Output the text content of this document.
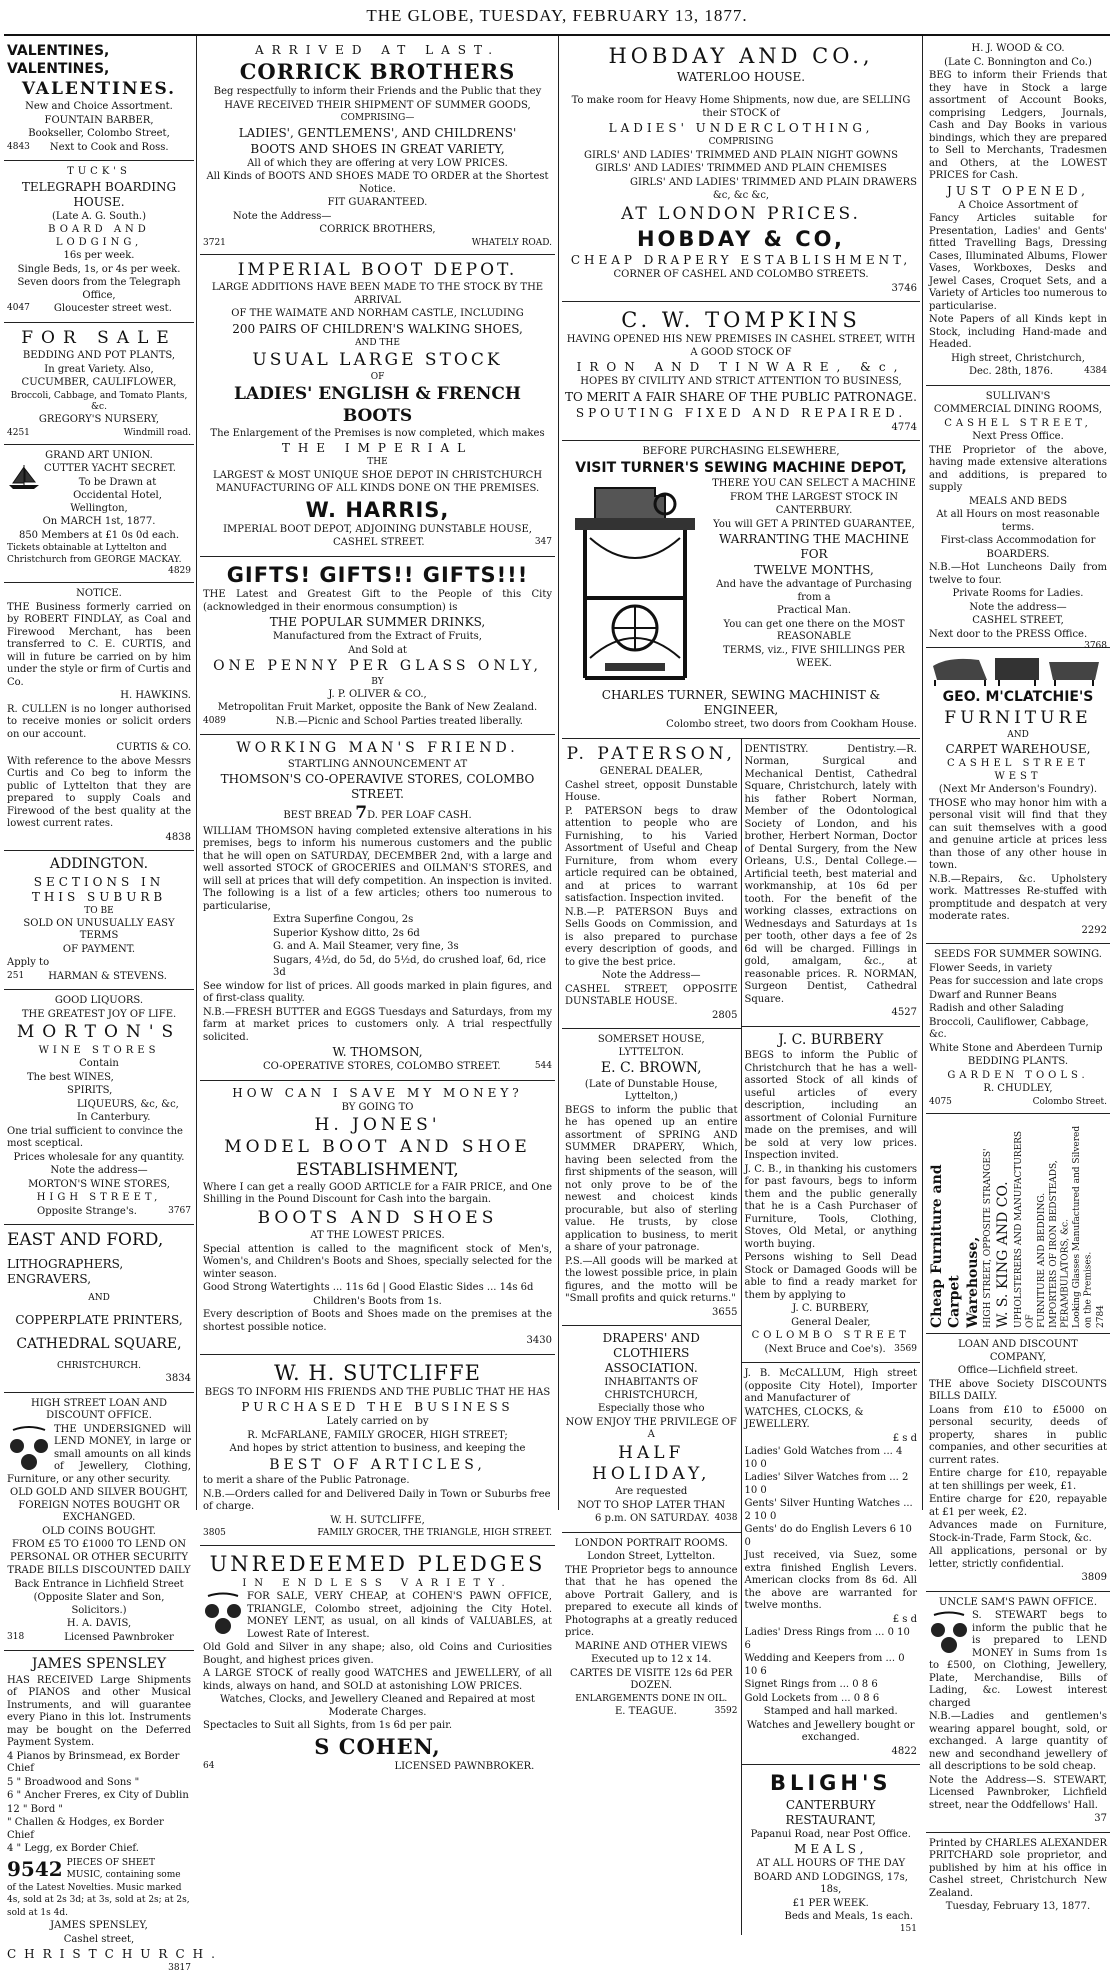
THE GLOBE, TUESDAY, FEBRUARY 13, 1877.

VALENTINES, VALENTINES,

VALENTINES.

New and Choice Assortment.

FOUNTAIN BARBER,

Bookseller, Colombo Street,

4843 Next to Cook and Ross.

TUCK'S

TELEGRAPH BOARDING HOUSE.

(Late A. G. South.)

BOARD AND LODGING,

16s per week.

Single Beds, 1s, or 4s per week.

Seven doors from the Telegraph Office,

4047 Gloucester street west.

FOR SALE

BEDDING AND POT PLANTS,

In great Variety. Also,

CUCUMBER, CAULIFLOWER,

Broccoli, Cabbage, and Tomato Plants, &c.

GREGORY'S NURSERY,

4251	Windmill road.

GRAND ART UNION.

CUTTER YACHT SECRET.

To be Drawn at

Occidental Hotel, Wellington,

On MARCH 1st, 1877.

850 Members at £1 0s 0d each.

Tickets obtainable at Lyttelton and Christchurch from GEORGE MACKAY.
4829

NOTICE.

THE Business formerly carried on by ROBERT FINDLAY, as Coal and Firewood Merchant, has been transferred to C. E. CURTIS, and will in future be carried on by him under the style or firm of Curtis and Co.

H. HAWKINS.

R. CULLEN is no longer authorised to receive monies or solicit orders on our account.

CURTIS & CO.

With reference to the above Messrs Curtis and Co beg to inform the public of Lyttelton that they are prepared to supply Coals and Firewood of the best quality at the lowest current rates.

4838

ADDINGTON.

SECTIONS IN THIS SUBURB

TO BE

SOLD ON UNUSUALLY EASY TERMS

OF PAYMENT.

Apply to

251 HARMAN & STEVENS.

GOOD LIQUORS.

THE GREATEST JOY OF LIFE.

MORTON'S

WINE STORES

Contain

The best WINES,

SPIRITS,

LIQUEURS, &c, &c,

In Canterbury.

One trial sufficient to convince the most sceptical.

Prices wholesale for any quantity.

Note the address—

MORTON'S WINE STORES,

HIGH STREET,

Opposite Strange's.	3767

EAST AND FORD,

LITHOGRAPHERS, ENGRAVERS,

AND

COPPERPLATE PRINTERS,

CATHEDRAL SQUARE,

CHRISTCHURCH.

3834

HIGH STREET LOAN AND DISCOUNT OFFICE.

THE UNDERSIGNED will LEND MONEY, in large or small amounts on all kinds of Jewellery, Clothing, Furniture, or any other security.

OLD GOLD AND SILVER BOUGHT, FOREIGN NOTES BOUGHT OR EXCHANGED.

OLD COINS BOUGHT.

FROM £5 TO £1000 TO LEND ON PERSONAL OR OTHER SECURITY

TRADE BILLS DISCOUNTED DAILY

Back Entrance in Lichfield Street

(Opposite Slater and Son, Solicitors.)

H. A. DAVIS,

318	Licensed Pawnbroker

JAMES SPENSLEY

HAS RECEIVED Large Shipments of PIANOS and other Musical Instruments, and will guarantee every Piano in this lot. Instruments may be bought on the Deferred Payment System.

4 Pianos by Brinsmead, ex Border Chief

5 " Broadwood and Sons "

6 " Ancher Freres, ex City of Dublin

12 " Bord "

" Challen & Hodges, ex Border Chief

4 " Legg, ex Border Chief.

9542 PIECES OF SHEET MUSIC, containing some of the Latest Novelties. Music marked 4s, sold at 2s 3d; at 3s, sold at 2s; at 2s, sold at 1s 4d.

JAMES SPENSLEY,

Cashel street,

CHRISTCHURCH.
3817

ARRIVED AT LAST.

CORRICK BROTHERS

Beg respectfully to inform their Friends and the Public that they

HAVE RECEIVED THEIR SHIPMENT OF SUMMER GOODS,

COMPRISING—

LADIES', GENTLEMENS', AND CHILDRENS'

BOOTS AND SHOES IN GREAT VARIETY,

All of which they are offering at very LOW PRICES.

All Kinds of BOOTS AND SHOES MADE TO ORDER at the Shortest Notice.

FIT GUARANTEED.

Note the Address—

CORRICK BROTHERS,

3721	WHATELY ROAD.

IMPERIAL BOOT DEPOT.

LARGE ADDITIONS HAVE BEEN MADE TO THE STOCK BY THE ARRIVAL

OF THE WAIMATE AND NORHAM CASTLE, INCLUDING

200 PAIRS OF CHILDREN'S WALKING SHOES,

AND THE

USUAL LARGE STOCK

OF

LADIES' ENGLISH & FRENCH BOOTS

The Enlargement of the Premises is now completed, which makes

THE IMPERIAL

THE

LARGEST & MOST UNIQUE SHOE DEPOT IN CHRISTCHURCH

MANUFACTURING OF ALL KINDS DONE ON THE PREMISES.

W. HARRIS,

IMPERIAL BOOT DEPOT, ADJOINING DUNSTABLE HOUSE,

CASHEL STREET.	347

GIFTS! GIFTS!! GIFTS!!!

THE Latest and Greatest Gift to the People of this City (acknowledged in their enormous consumption) is

THE POPULAR SUMMER DRINKS,

Manufactured from the Extract of Fruits,

And Sold at

ONE PENNY PER GLASS ONLY,

BY

J. P. OLIVER & CO.,

Metropolitan Fruit Market, opposite the Bank of New Zealand.

4089	N.B.—Picnic and School Parties treated liberally.

WORKING MAN'S FRIEND.

STARTLING ANNOUNCEMENT AT

THOMSON'S CO-OPERAVIVE STORES, COLOMBO STREET.

BEST BREAD 7D. PER LOAF CASH.

WILLIAM THOMSON having completed extensive alterations in his premises, begs to inform his numerous customers and the public that he will open on SATURDAY, DECEMBER 2nd, with a large and well assorted STOCK of GROCERIES and OILMAN'S STORES, and will sell at prices that will defy competition. An inspection is invited. The following is a list of a few articles; others too numerous to particularise,

Extra Superfine Congou, 2s

Superior Kyshow ditto, 2s 6d

G. and A. Mail Steamer, very fine, 3s

Sugars, 4½d, do 5d, do 5½d, do crushed loaf, 6d, rice 3d

See window for list of prices. All goods marked in plain figures, and of first-class quality.

N.B.—FRESH BUTTER and EGGS Tuesdays and Saturdays, from my farm at market prices to customers only. A trial respectfully solicited.

W. THOMSON,

CO-OPERATIVE STORES, COLOMBO STREET.	544

HOW CAN I SAVE MY MONEY?

BY GOING TO

H. JONES'

MODEL BOOT AND SHOE

ESTABLISHMENT,

Where I can get a really GOOD ARTICLE for a FAIR PRICE, and One Shilling in the Pound Discount for Cash into the bargain.

BOOTS AND SHOES

AT THE LOWEST PRICES.

Special attention is called to the magnificent stock of Men's, Women's, and Children's Boots and Shoes, specially selected for the winter season.

Good Strong Watertights ... 11s 6d | Good Elastic Sides ... 14s 6d

Children's Boots from 1s.

Every description of Boots and Shoes made on the premises at the shortest possible notice.

3430

W. H. SUTCLIFFE

BEGS TO INFORM HIS FRIENDS AND THE PUBLIC THAT HE HAS

PURCHASED THE BUSINESS

Lately carried on by

R. McFARLANE, FAMILY GROCER, HIGH STREET;

And hopes by strict attention to business, and keeping the

BEST OF ARTICLES,

to merit a share of the Public Patronage.

N.B.—Orders called for and Delivered Daily in Town or Suburbs free of charge.

W. H. SUTCLIFFE,

3805	FAMILY GROCER, THE TRIANGLE, HIGH STREET.

UNREDEEMED PLEDGES

IN ENDLESS VARIETY.

FOR SALE, VERY CHEAP, at COHEN'S PAWN OFFICE, TRIANGLE, Colombo street, adjoining the City Hotel. MONEY LENT, as usual, on all kinds of VALUABLES, at Lowest Rate of Interest.

Old Gold and Silver in any shape; also, old Coins and Curiosities Bought, and highest prices given.

A LARGE STOCK of really good WATCHES and JEWELLERY, of all kinds, always on hand, and SOLD at astonishing LOW PRICES.

Watches, Clocks, and Jewellery Cleaned and Repaired at most Moderate Charges.

Spectacles to Suit all Sights, from 1s 6d per pair.

S COHEN,

64	LICENSED PAWNBROKER.

HOBDAY AND CO.,

WATERLOO HOUSE.

To make room for Heavy Home Shipments, now due, are SELLING their STOCK of

LADIES' UNDERCLOTHING,

COMPRISING

GIRLS' AND LADIES' TRIMMED AND PLAIN NIGHT GOWNS

GIRLS' AND LADIES' TRIMMED AND PLAIN CHEMISES

GIRLS' AND LADIES' TRIMMED AND PLAIN DRAWERS

&c, &c &c,

AT LONDON PRICES.

HOBDAY & CO,

CHEAP DRAPERY ESTABLISHMENT,

CORNER OF CASHEL AND COLOMBO STREETS.

3746

C. W. TOMPKINS

HAVING OPENED HIS NEW PREMISES IN CASHEL STREET, WITH A GOOD STOCK OF

IRON AND TINWARE, &c,

HOPES BY CIVILITY AND STRICT ATTENTION TO BUSINESS,

TO MERIT A FAIR SHARE OF THE PUBLIC PATRONAGE.

SPOUTING FIXED AND REPAIRED.

4774

BEFORE PURCHASING ELSEWHERE,

VISIT TURNER'S SEWING MACHINE DEPOT,

THERE YOU CAN SELECT A MACHINE

FROM THE LARGEST STOCK IN

CANTERBURY.

You will GET A PRINTED GUARANTEE,

WARRANTING THE MACHINE FOR

TWELVE MONTHS,

And have the advantage of Purchasing from a

Practical Man.

You can get one there on the MOST REASONABLE

TERMS, viz., FIVE SHILLINGS PER

WEEK.

CHARLES TURNER, SEWING MACHINIST & ENGINEER,

Colombo street, two doors from Cookham House.

P. PATERSON,

GENERAL DEALER,

Cashel street, opposit Dunstable House.

P. PATERSON begs to draw attention to people who are Furnishing, to his Varied Assortment of Useful and Cheap Furniture, from whom every article required can be obtained, and at prices to warrant satisfaction. Inspection invited.

N.B.—P. PATERSON Buys and Sells Goods on Commission, and is also prepared to purchase every description of goods, and to give the best price.

Note the Address—

CASHEL STREET, OPPOSITE DUNSTABLE HOUSE.

2805

SOMERSET HOUSE, LYTTELTON.

E. C. BROWN,

(Late of Dunstable House, Lyttelton,)

BEGS to inform the public that he has opened up an entire assortment of SPRING AND SUMMER DRAPERY, Which, having been selected from the first shipments of the season, will not only prove to be of the newest and choicest kinds procurable, but also of sterling value. He trusts, by close application to business, to merit a share of your patronage.

P.S.—All goods will be marked at the lowest possible price, in plain figures, and the motto will be "Small profits and quick returns."

3655

DRAPERS' AND CLOTHIERS ASSOCIATION.

INHABITANTS OF CHRISTCHURCH,

Especially those who

NOW ENJOY THE PRIVILEGE OF A

HALF HOLIDAY,

Are requested

NOT TO SHOP LATER THAN

6 p.m. ON SATURDAY. 4038

LONDON PORTRAIT ROOMS.

London Street, Lyttelton.

THE Proprietor begs to announce that that he has opened the above Portrait Gallery, and is prepared to execute all kinds of Photographs at a greatly reduced price.

MARINE AND OTHER VIEWS

Executed up to 12 x 14.

CARTES DE VISITE 12s 6d PER DOZEN.

ENLARGEMENTS DONE IN OIL.

E. TEAGUE.	3592

DENTISTRY. Dentistry.—R. Norman, Surgical and Mechanical Dentist, Cathedral Square, Christchurch, lately with his father Robert Norman, Member of the Odontological Society of London, and his brother, Herbert Norman, Doctor of Dental Surgery, from the New Orleans, U.S., Dental College.—Artificial teeth, best material and workmanship, at 10s 6d per tooth. For the benefit of the working classes, extractions on Wednesdays and Saturdays at 1s per tooth, other days a fee of 2s 6d will be charged. Fillings in gold, amalgam, &c., at reasonable prices. R. NORMAN, Surgeon Dentist, Cathedral Square.

4527

J. C. BURBERY

BEGS to inform the Public of Christchurch that he has a well-assorted Stock of all kinds of useful articles of every description, including an assortment of Colonial Furniture made on the premises, and will be sold at very low prices. Inspection invited.

J. C. B., in thanking his customers for past favours, begs to inform them and the public generally that he is a Cash Purchaser of Furniture, Tools, Clothing, Stoves, Old Metal, or anything worth buying.

Persons wishing to Sell Dead Stock or Damaged Goods will be able to find a ready market for them by applying to

J. C. BURBERY,

General Dealer,

COLOMBO STREET

(Next Bruce and Coe's). 3569

J. B. McCALLUM, High street (opposite City Hotel), Importer and Manufacturer of

WATCHES, CLOCKS, & JEWELLERY.

£ s d

Ladies' Gold Watches from ... 4 10 0

Ladies' Silver Watches from ... 2 10 0

Gents' Silver Hunting Watches ... 2 10 0

Gents' do do English Levers 6 10 0

Just received, via Suez, some extra finished English Levers. American clocks from 8s 6d. All the above are warranted for twelve months.

£ s d

Ladies' Dress Rings from ... 0 10 6

Wedding and Keepers from ... 0 10 6

Signet Rings from ... 0 8 6

Gold Lockets from ... 0 8 6

Stamped and hall marked.

Watches and Jewellery bought or exchanged.

4822

BLIGH'S

CANTERBURY RESTAURANT,

Papanui Road, near Post Office.

MEALS,

AT ALL HOURS OF THE DAY

BOARD AND LODGINGS, 17s, 18s,

£1 PER WEEK.

Beds and Meals, 1s each.
151

H. J. WOOD & CO.

(Late C. Bonnington and Co.)

BEG to inform their Friends that they have in Stock a large assortment of Account Books, comprising Ledgers, Journals, Cash and Day Books in various bindings, which they are prepared to Sell to Merchants, Tradesmen and Others, at the LOWEST PRICES for Cash.

JUST OPENED,

A Choice Assortment of

Fancy Articles suitable for Presentation, Ladies' and Gents' fitted Travelling Bags, Dressing Cases, Illuminated Albums, Flower Vases, Workboxes, Desks and Jewel Cases, Croquet Sets, and a Variety of Articles too numerous to particularise.

Note Papers of all Kinds kept in Stock, including Hand-made and Headed.

High street, Christchurch,

Dec. 28th, 1876.	4384

SULLIVAN'S

COMMERCIAL DINING ROOMS,

CASHEL STREET,

Next Press Office.

THE Proprietor of the above, having made extensive alterations and additions, is prepared to supply

MEALS AND BEDS

At all Hours on most reasonable terms.

First-class Accommodation for

BOARDERS.

N.B.—Hot Luncheons Daily from twelve to four.

Private Rooms for Ladies.

Note the address—

CASHEL STREET,

Next door to the PRESS Office.
3768

GEO. M'CLATCHIE'S

FURNITURE

AND

CARPET WAREHOUSE,

CASHEL STREET WEST

(Next Mr Anderson's Foundry).

THOSE who may honor him with a personal visit will find that they can suit themselves with a good and genuine article at prices less than those of any other house in town.

N.B.—Repairs, &c. Upholstery work. Mattresses Re-stuffed with promptitude and despatch at very moderate rates.

2292

SEEDS FOR SUMMER SOWING.

Flower Seeds, in variety

Peas for succession and late crops

Dwarf and Runner Beans

Radish and other Salading

Broccoli, Cauliflower, Cabbage, &c.

White Stone and Aberdeen Turnip

BEDDING PLANTS.

GARDEN TOOLS.

R. CHUDLEY,

4075	Colombo Street.

Cheap Furniture and Carpet Warehouse, HIGH STREET, OPPOSITE STRANGES' W. S. KING AND CO. UPHOLSTERERS AND MANUFACTURERS OF FURNITURE AND BEDDING. IMPORTERS OF IRON BEDSTEADS, PERAMBULATORS, &c. Looking Glasses Manufactured and Silvered on the Premises. 2784

LOAN AND DISCOUNT COMPANY,

Office—Lichfield street.

THE above Society DISCOUNTS BILLS DAILY.

Loans from £10 to £5000 on personal security, deeds of property, shares in public companies, and other securities at current rates.

Entire charge for £10, repayable at ten shillings per week, £1.

Entire charge for £20, repayable at £1 per week, £2.

Advances made on Furniture, Stock-in-Trade, Farm Stock, &c.

All applications, personal or by letter, strictly confidential.

3809

UNCLE SAM'S PAWN OFFICE.

S. STEWART begs to inform the public that he is prepared to LEND MONEY in Sums from 1s to £500, on Clothing, Jewellery, Plate, Merchandise, Bills of Lading, &c. Lowest interest charged

N.B.—Ladies and gentlemen's wearing apparel bought, sold, or exchanged. A large quantity of new and secondhand jewellery of all descriptions to be sold cheap.

Note the Address—S. STEWART, Licensed Pawnbroker, Lichfield street, near the Oddfellows' Hall.

37

Printed by CHARLES ALEXANDER PRITCHARD sole proprietor, and published by him at his office in Cashel street, Christchurch New Zealand.

Tuesday, February 13, 1877.
